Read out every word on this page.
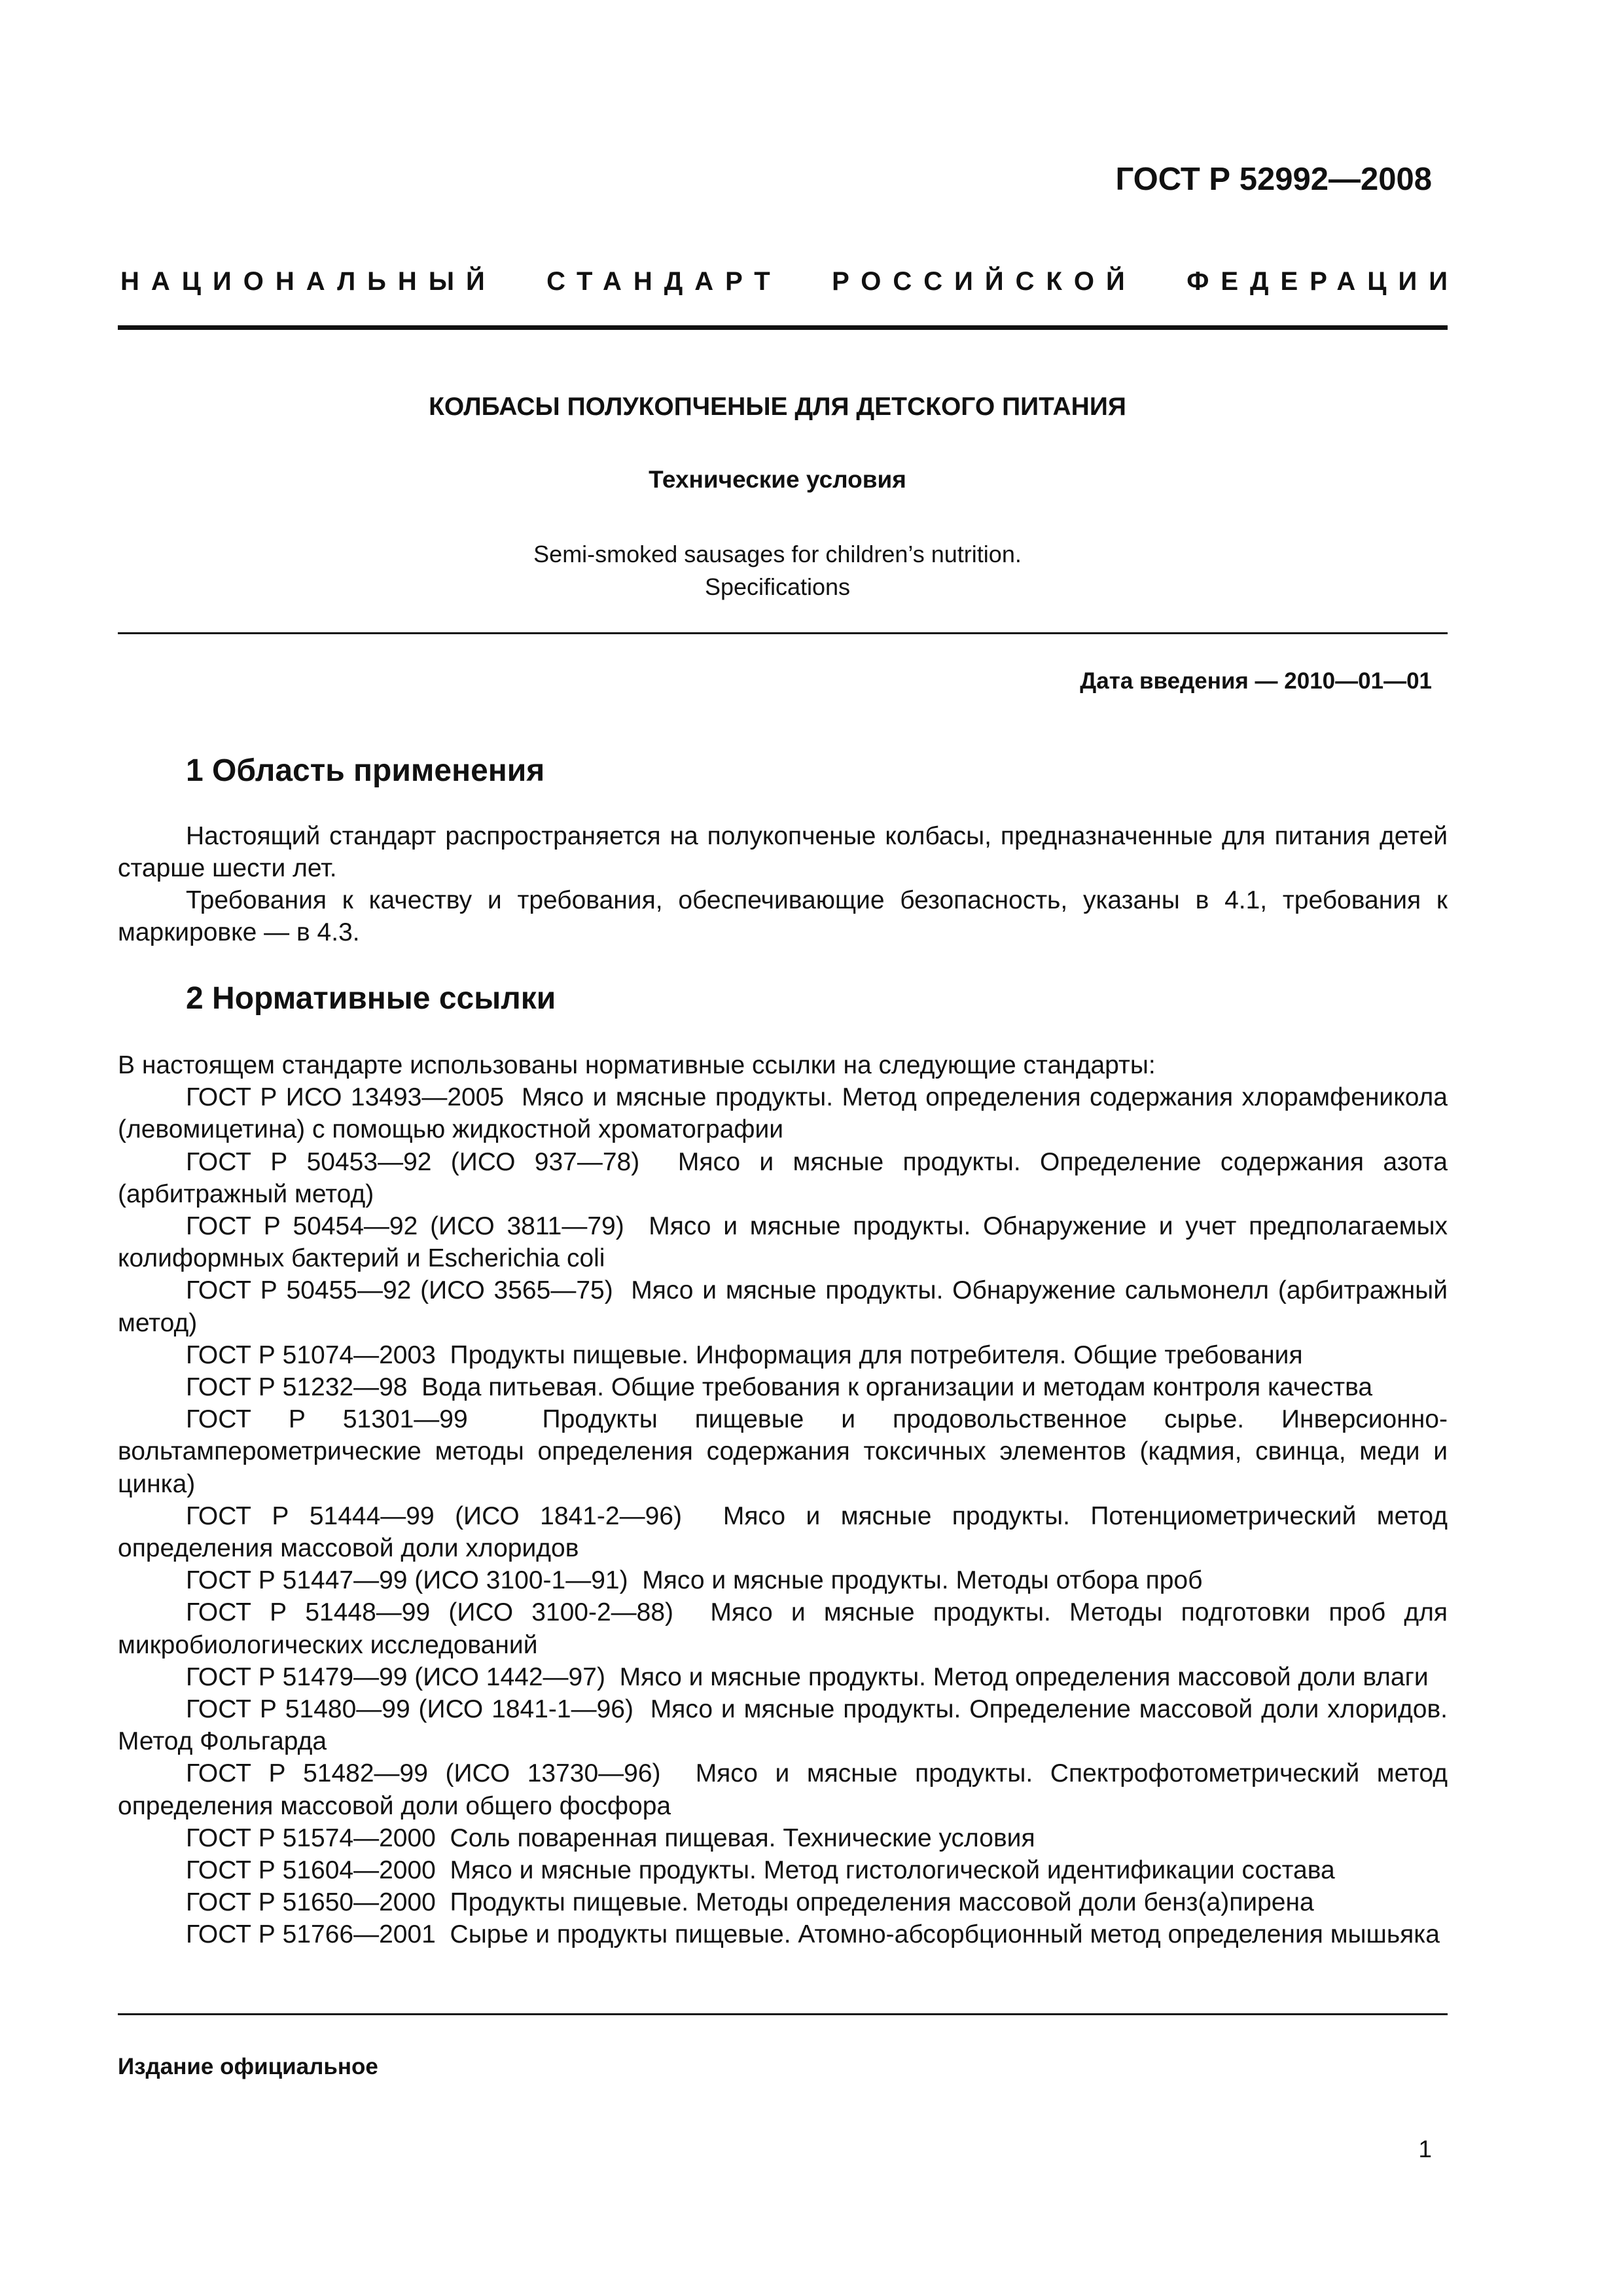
ГОСТ Р 52992—2008
НАЦИОНАЛЬНЫЙ СТАНДАРТ РОССИЙСКОЙ ФЕДЕРАЦИИ
КОЛБАСЫ ПОЛУКОПЧЕНЫЕ ДЛЯ ДЕТСКОГО ПИТАНИЯ
Технические условия
Semi-smoked sausages for children’s nutrition.
Specifications
Дата введения — 2010—01—01
1 Область применения

Настоящий стандарт распространяется на полукопченые колбасы, предназначенные для питания детей старше шести лет.

Требования к качеству и требования, обеспечивающие безопасность, указаны в 4.1, требования к маркировке — в 4.3.

2 Нормативные ссылки

В настоящем стандарте использованы нормативные ссылки на следующие стандарты:

ГОСТ Р ИСО 13493—2005 Мясо и мясные продукты. Метод определения содержания хлорамфеникола (левомицетина) с помощью жидкостной хроматографии

ГОСТ Р 50453—92 (ИСО 937—78) Мясо и мясные продукты. Определение содержания азота (арбитражный метод)

ГОСТ Р 50454—92 (ИСО 3811—79) Мясо и мясные продукты. Обнаружение и учет предполагаемых колиформных бактерий и Escherichia coli

ГОСТ Р 50455—92 (ИСО 3565—75) Мясо и мясные продукты. Обнаружение сальмонелл (арбитражный метод)

ГОСТ Р 51074—2003 Продукты пищевые. Информация для потребителя. Общие требования

ГОСТ Р 51232—98 Вода питьевая. Общие требования к организации и методам контроля качества

ГОСТ Р 51301—99	Продукты пищевые и продовольственное сырье. Инверсионно-вольтамперометрические методы определения содержания токсичных элементов (кадмия, свинца, меди и цинка)

ГОСТ Р 51444—99 (ИСО 1841-2—96) Мясо и мясные продукты. Потенциометрический метод определения массовой доли хлоридов

ГОСТ Р 51447—99 (ИСО 3100-1—91) Мясо и мясные продукты. Методы отбора проб

ГОСТ Р 51448—99 (ИСО 3100-2—88) Мясо и мясные продукты. Методы подготовки проб для микробиологических исследований

ГОСТ Р 51479—99 (ИСО 1442—97) Мясо и мясные продукты. Метод определения массовой доли влаги

ГОСТ Р 51480—99 (ИСО 1841-1—96) Мясо и мясные продукты. Определение массовой доли хлоридов. Метод Фольгарда

ГОСТ Р 51482—99 (ИСО 13730—96) Мясо и мясные продукты. Спектрофотометрический метод определения массовой доли общего фосфора

ГОСТ Р 51574—2000 Соль поваренная пищевая. Технические условия

ГОСТ Р 51604—2000 Мясо и мясные продукты. Метод гистологической идентификации состава

ГОСТ Р 51650—2000 Продукты пищевые. Методы определения массовой доли бенз(а)пирена

ГОСТ Р 51766—2001 Сырье и продукты пищевые. Атомно-абсорбционный метод определения мышьяка

Издание официальное
1
